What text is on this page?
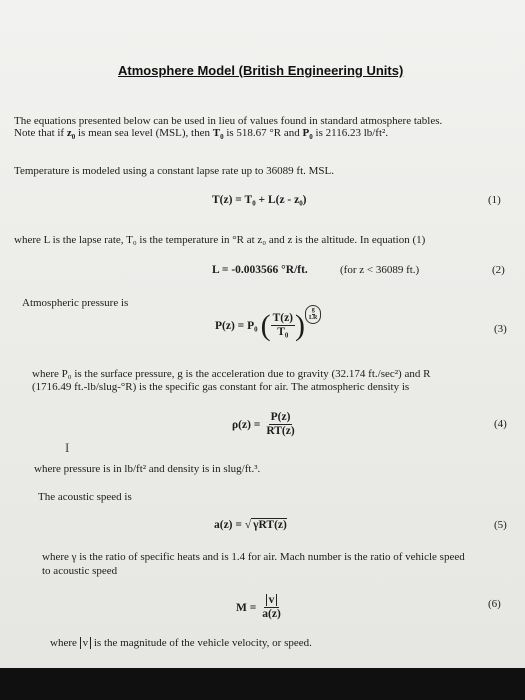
Atmosphere Model (British Engineering Units)
The equations presented below can be used in lieu of values found in standard atmosphere tables.
Note that if $z_0$ is mean sea level (MSL), then $T_0$ is 518.67 °R and $P_0$ is 2116.23 lb/ft².
Temperature is modeled using a constant lapse rate up to 36089 ft. MSL.
T(z) = T₀ + L(z - z₀)	(1)
where L is the lapse rate, T₀ is the temperature in °R at z₀ and z is the altitude. In equation (1)
L = -0.003566 °R/ft.	(for z < 36089 ft.)	(2)
Atmospheric pressure is
P(z) = P₀ ( $\frac{T(z)}{\text{T₀}}$ ) $\frac{g}{LR}$
(3)
where P₀ is the surface pressure, g is the acceleration due to gravity (32.174 ft./sec²) and R
(1716.49 ft.-lb/slug-°R) is the specific gas constant for air. The atmospheric density is
$\rho(z) = \frac{P(z)}{RT(z)}$	(4)
I
where pressure is in lb/ft² and density is in slug/ft.³.
The acoustic speed is
a(z) = √ γRT(z)	(5)
where γ is the ratio of specific heats and is 1.4 for air. Mach number is the ratio of vehicle speed
to acoustic speed
$M = \frac{v}{a(z)}$	(6)
where v is the magnitude of the vehicle velocity, or speed.
